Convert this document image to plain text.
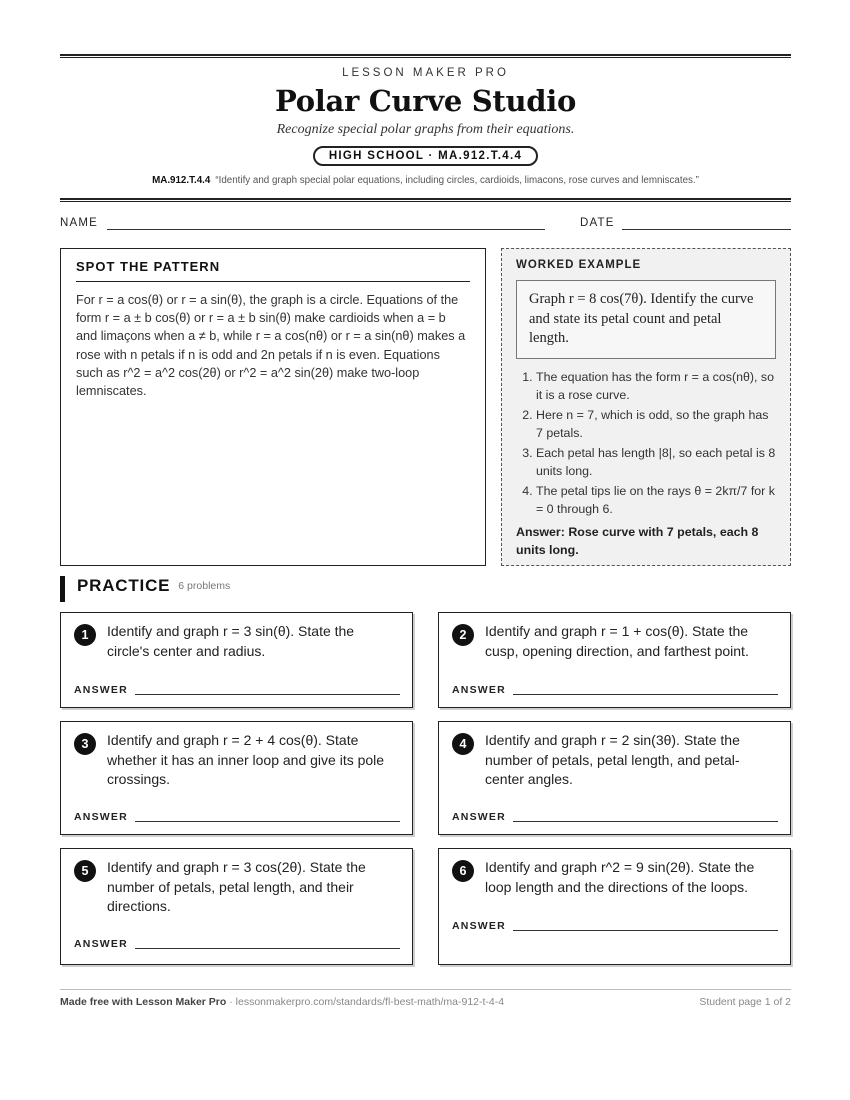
LESSON MAKER PRO
Polar Curve Studio
Recognize special polar graphs from their equations.
HIGH SCHOOL · MA.912.T.4.4
MA.912.T.4.4 “Identify and graph special polar equations, including circles, cardioids, limacons, rose curves and lemniscates.”
NAME	DATE
SPOT THE PATTERN

For r = a cos(θ) or r = a sin(θ), the graph is a circle. Equations of the form r = a ± b cos(θ) or r = a ± b sin(θ) make cardioids when a = b and limaçons when a ≠ b, while r = a cos(nθ) or r = a sin(nθ) makes a rose with n petals if n is odd and 2n petals if n is even. Equations such as r^2 = a^2 cos(2θ) or r^2 = a^2 sin(2θ) make two-loop lemniscates.

WORKED EXAMPLE
Graph r = 8 cos(7θ). Identify the curve and state its petal count and petal length.
1. The equation has the form r = a cos(nθ), so it is a rose curve.
2. Here n = 7, which is odd, so the graph has 7 petals.
3. Each petal has length |8|, so each petal is 8 units long.
4. The petal tips lie on the rays θ = 2kπ/7 for k = 0 through 6.
Answer: Rose curve with 7 petals, each 8 units long.
PRACTICE 6 problems
1	Identify and graph r = 3 sin(θ). State the circle's center and radius.
ANSWER
2	Identify and graph r = 1 + cos(θ). State the cusp, opening direction, and farthest point.
ANSWER
3	Identify and graph r = 2 + 4 cos(θ). State whether it has an inner loop and give its pole crossings.
ANSWER
4	Identify and graph r = 2 sin(3θ). State the number of petals, petal length, and petal-center angles.
ANSWER
5	Identify and graph r = 3 cos(2θ). State the number of petals, petal length, and their directions.
ANSWER
6	Identify and graph r^2 = 9 sin(2θ). State the loop length and the directions of the loops.
ANSWER
Made free with Lesson Maker Pro · lessonmakerpro.com/standards/fl-best-math/ma-912-t-4-4	Student page 1 of 2
